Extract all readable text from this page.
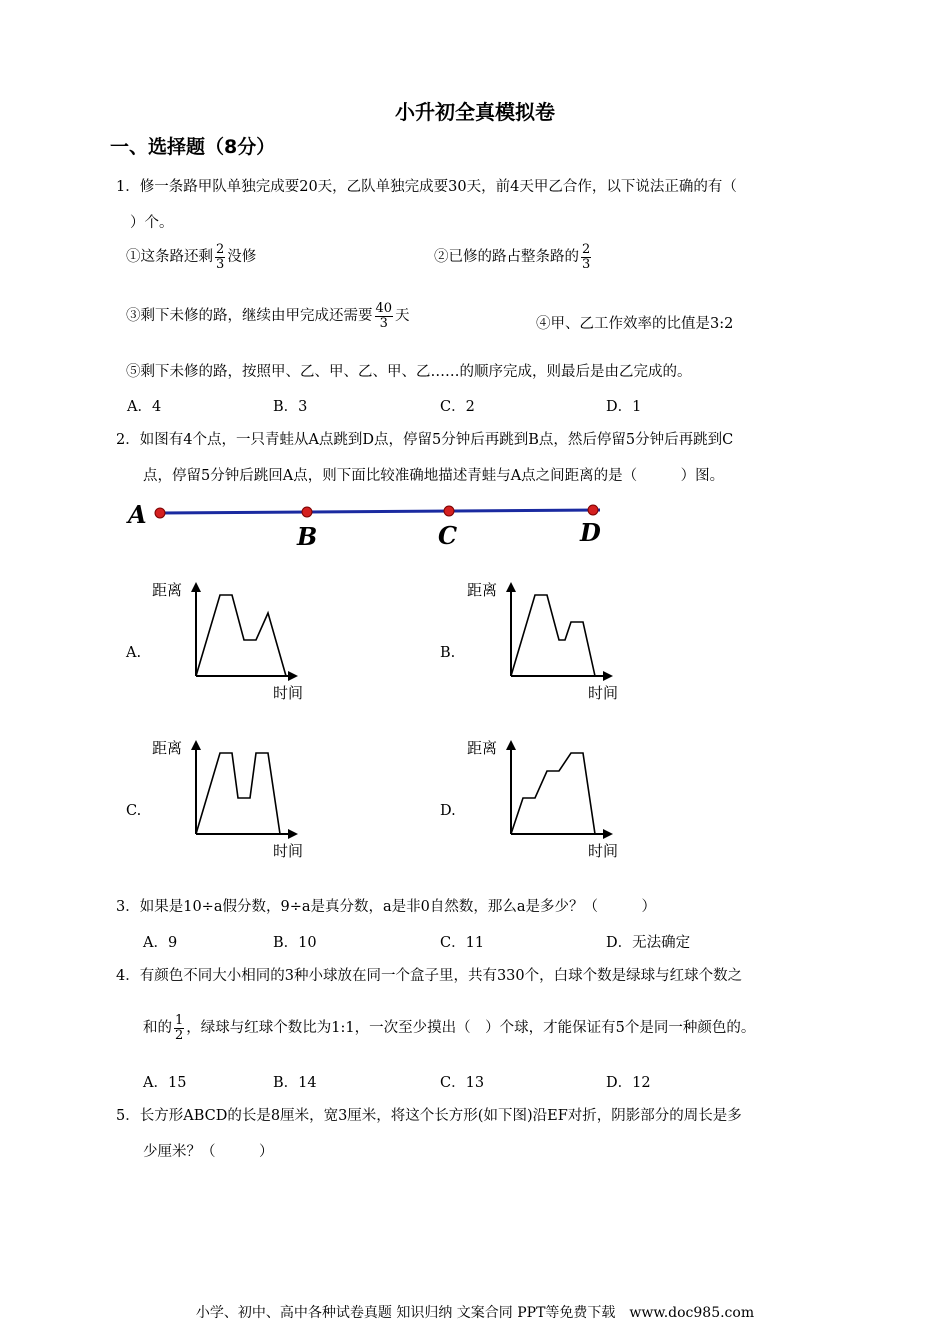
小升初全真模拟卷
一、选择题（8分）
1．修一条路甲队单独完成要20天，乙队单独完成要30天，前4天甲乙合作，以下说法正确的有（
）个。
①这条路还剩 $\frac{2}{3}$ 没修	②已修的路占整条路的 $\frac{2}{3}$
③剩下未修的路，继续由甲完成还需要 $\frac{40}{3}$ 天	④甲、乙工作效率的比值是3:2
⑤剩下未修的路，按照甲、乙、甲、乙、甲、乙……的顺序完成，则最后是由乙完成的。
A．4	B．3	C．2	D．1
2．如图有4个点，一只青蛙从A点跳到D点，停留5分钟后再跳到B点，然后停留5分钟后再跳到C
点，停留5分钟后跳回A点，则下面比较准确地描述青蛙与A点之间距离的是（　　　）图。
A
B	C	D
A.	B.
C.	D.
距离
时间
距离
时间
距离
时间
距离
时间
3．如果是10÷a假分数，9÷a是真分数，a是非0自然数，那么a是多少？（　　　）
A．9	B．10	C．11	D．无法确定
4．有颜色不同大小相同的3种小球放在同一个盒子里，共有330个，白球个数是绿球与红球个数之
和的 $\frac{1}{2}$ ，绿球与红球个数比为1:1，一次至少摸出（　）个球，才能保证有5个是同一种颜色的。
A．15	B．14	C．13	D．12
5．长方形ABCD的长是8厘米，宽3厘米，将这个长方形(如下图)沿EF对折，阴影部分的周长是多
少厘米？（　　　）
小学、初中、高中各种试卷真题 知识归纳 文案合同 PPT等免费下载　www.doc985.com
